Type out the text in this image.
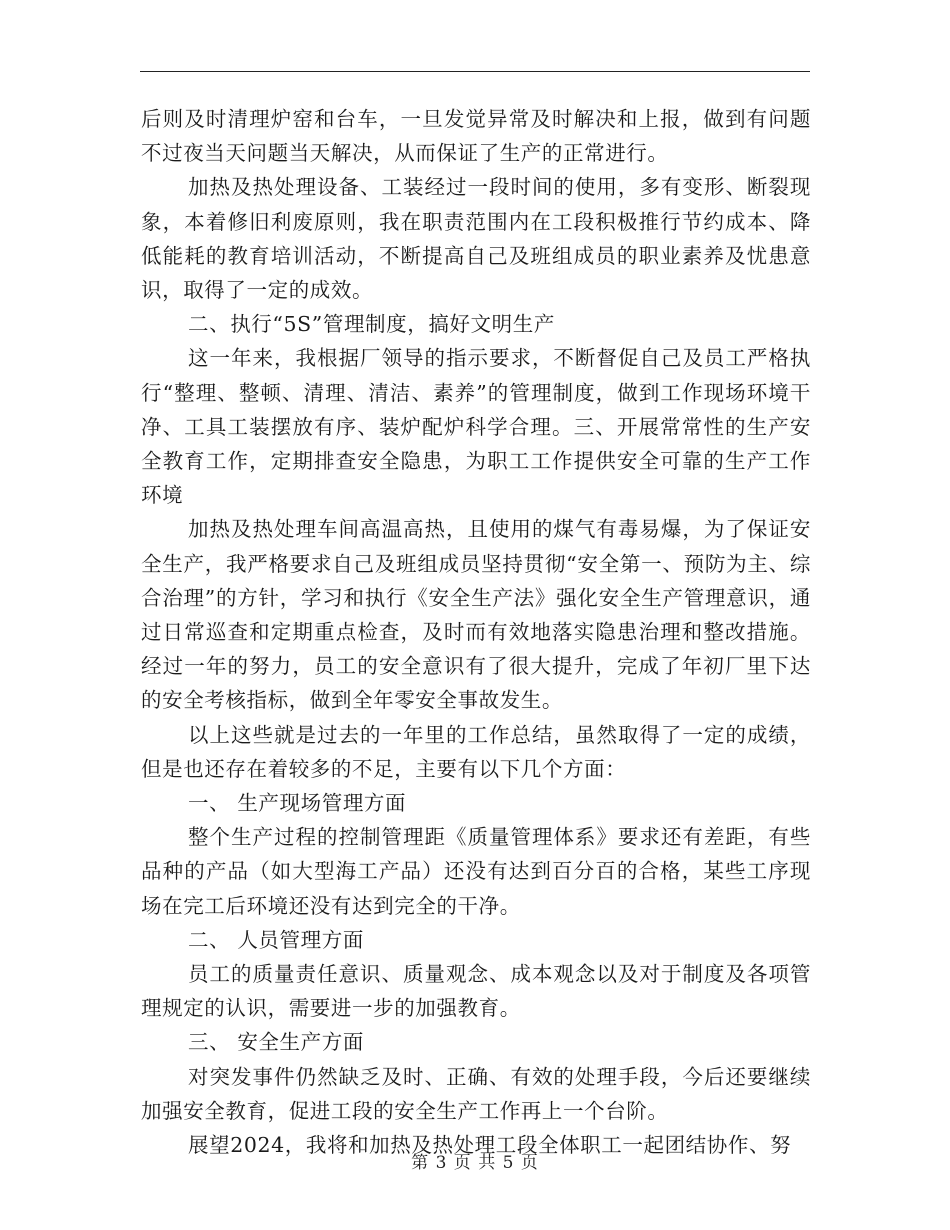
后则及时清理炉窑和台车，一旦发觉异常及时解决和上报，做到有问题不过夜当天问题当天解决，从而保证了生产的正常进行。

加热及热处理设备、工装经过一段时间的使用，多有变形、断裂现象，本着修旧利废原则，我在职责范围内在工段积极推行节约成本、降低能耗的教育培训活动，不断提高自己及班组成员的职业素养及忧患意识，取得了一定的成效。

二、执行“5S”管理制度，搞好文明生产

这一年来，我根据厂领导的指示要求，不断督促自己及员工严格执行“整理、整顿、清理、清洁、素养”的管理制度，做到工作现场环境干净、工具工装摆放有序、装炉配炉科学合理。三、开展常常性的生产安全教育工作，定期排查安全隐患，为职工工作提供安全可靠的生产工作环境

加热及热处理车间高温高热，且使用的煤气有毒易爆，为了保证安全生产，我严格要求自己及班组成员坚持贯彻“安全第一、预防为主、综合治理”的方针，学习和执行《安全生产法》强化安全生产管理意识，通过日常巡查和定期重点检查，及时而有效地落实隐患治理和整改措施。经过一年的努力，员工的安全意识有了很大提升，完成了年初厂里下达的安全考核指标，做到全年零安全事故发生。

以上这些就是过去的一年里的工作总结，虽然取得了一定的成绩，但是也还存在着较多的不足，主要有以下几个方面：

一、 生产现场管理方面

整个生产过程的控制管理距《质量管理体系》要求还有差距，有些品种的产品（如大型海工产品）还没有达到百分百的合格，某些工序现场在完工后环境还没有达到完全的干净。

二、 人员管理方面

员工的质量责任意识、质量观念、成本观念以及对于制度及各项管理规定的认识，需要进一步的加强教育。

三、 安全生产方面

对突发事件仍然缺乏及时、正确、有效的处理手段，今后还要继续加强安全教育，促进工段的安全生产工作再上一个台阶。

展望2024，我将和加热及热处理工段全体职工一起团结协作、努

第 3 页 共 5 页
